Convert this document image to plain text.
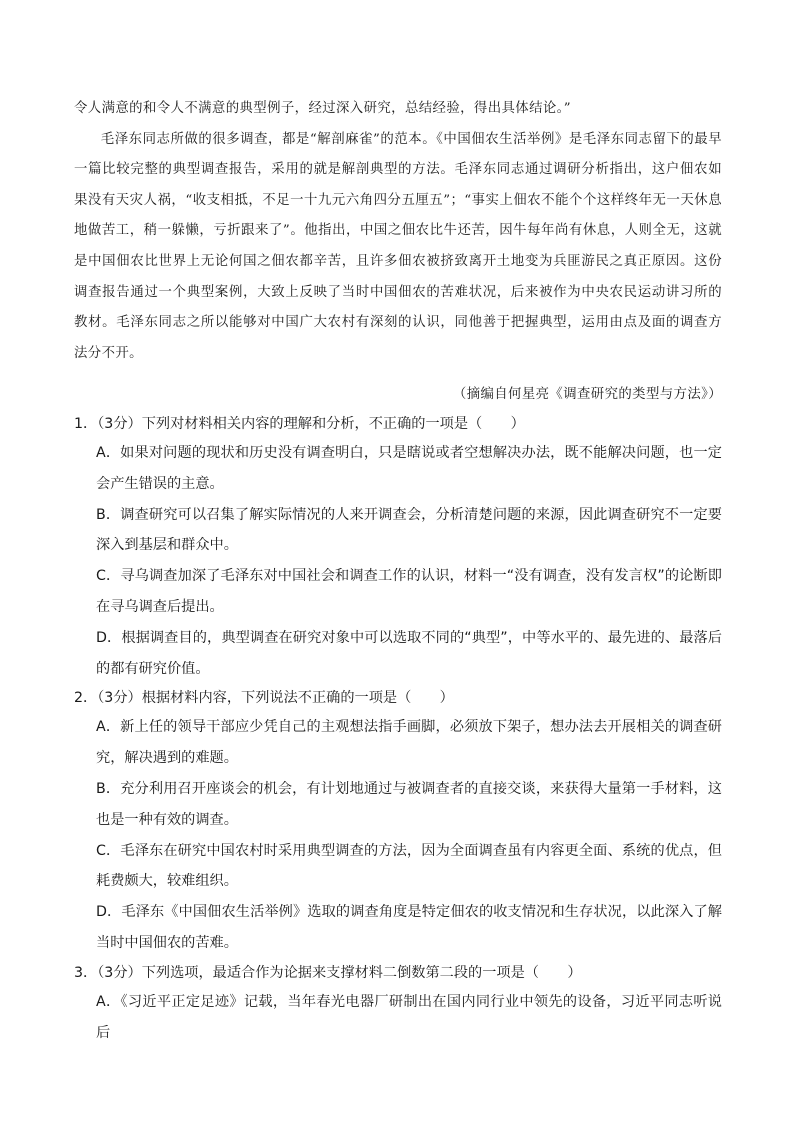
令人满意的和令人不满意的典型例子，经过深入研究，总结经验，得出具体结论。”

毛泽东同志所做的很多调查，都是“解剖麻雀”的范本。《中国佃农生活举例》是毛泽东同志留下的最早一篇比较完整的典型调查报告，采用的就是解剖典型的方法。毛泽东同志通过调研分析指出，这户佃农如果没有天灾人祸，“收支相抵，不足一十九元六角四分五厘五”；“事实上佃农不能个个这样终年无一天休息地做苦工，稍一躲懒，亏折跟来了”。他指出，中国之佃农比牛还苦，因牛每年尚有休息，人则全无，这就是中国佃农比世界上无论何国之佃农都辛苦，且许多佃农被挤致离开土地变为兵匪游民之真正原因。这份调查报告通过一个典型案例，大致上反映了当时中国佃农的苦难状况，后来被作为中央农民运动讲习所的教材。毛泽东同志之所以能够对中国广大农村有深刻的认识，同他善于把握典型，运用由点及面的调查方法分不开。

（摘编自何星亮《调查研究的类型与方法》）

1．（3分）下列对材料相关内容的理解和分析，不正确的一项是（　　）

A．如果对问题的现状和历史没有调查明白，只是瞎说或者空想解决办法，既不能解决问题，也一定会产生错误的主意。

B．调查研究可以召集了解实际情况的人来开调查会，分析清楚问题的来源，因此调查研究不一定要深入到基层和群众中。

C．寻乌调查加深了毛泽东对中国社会和调查工作的认识，材料一“没有调查，没有发言权”的论断即在寻乌调查后提出。

D．根据调查目的，典型调查在研究对象中可以选取不同的“典型”，中等水平的、最先进的、最落后的都有研究价值。

2．（3分）根据材料内容，下列说法不正确的一项是（　　）

A．新上任的领导干部应少凭自己的主观想法指手画脚，必须放下架子，想办法去开展相关的调查研究，解决遇到的难题。

B．充分利用召开座谈会的机会，有计划地通过与被调查者的直接交谈，来获得大量第一手材料，这也是一种有效的调查。

C．毛泽东在研究中国农村时采用典型调查的方法，因为全面调查虽有内容更全面、系统的优点，但耗费颇大，较难组织。

D．毛泽东《中国佃农生活举例》选取的调查角度是特定佃农的收支情况和生存状况，以此深入了解当时中国佃农的苦难。

3．（3分）下列选项，最适合作为论据来支撑材料二倒数第二段的一项是（　　）

A．《习近平正定足迹》记载，当年春光电器厂研制出在国内同行业中领先的设备，习近平同志听说后
